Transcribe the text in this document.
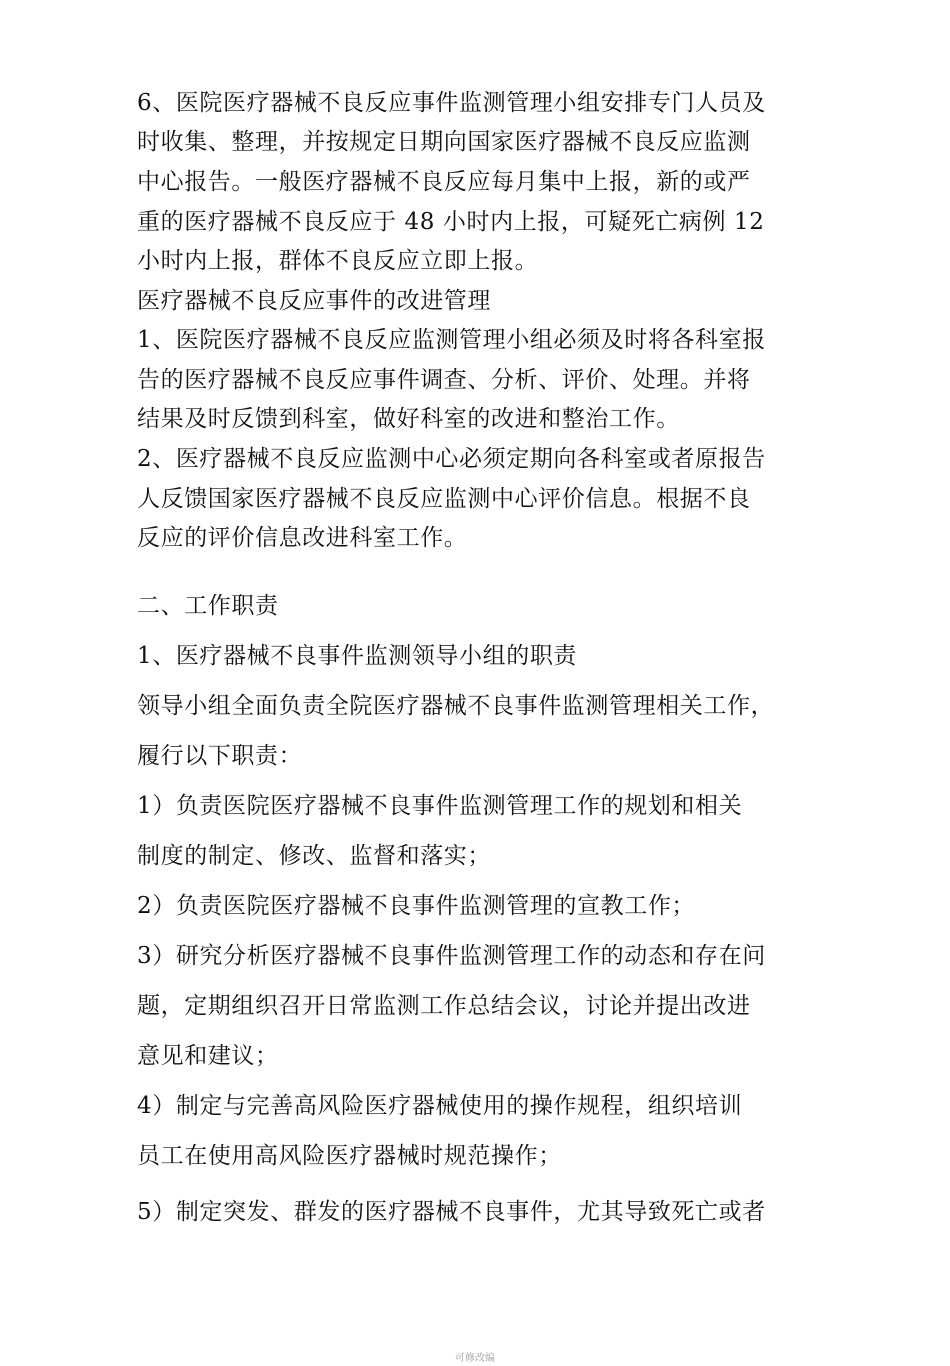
6、医院医疗器械不良反应事件监测管理小组安排专门人员及
时收集、整理，并按规定日期向国家医疗器械不良反应监测
中心报告。一般医疗器械不良反应每月集中上报，新的或严
重的医疗器械不良反应于 48 小时内上报，可疑死亡病例 12
小时内上报，群体不良反应立即上报。
医疗器械不良反应事件的改进管理
1、医院医疗器械不良反应监测管理小组必须及时将各科室报
告的医疗器械不良反应事件调查、分析、评价、处理。并将
结果及时反馈到科室，做好科室的改进和整治工作。
2、医疗器械不良反应监测中心必须定期向各科室或者原报告
人反馈国家医疗器械不良反应监测中心评价信息。根据不良
反应的评价信息改进科室工作。
二、工作职责
1、医疗器械不良事件监测领导小组的职责
领导小组全面负责全院医疗器械不良事件监测管理相关工作，
履行以下职责：
1）负责医院医疗器械不良事件监测管理工作的规划和相关
制度的制定、修改、监督和落实；
2）负责医院医疗器械不良事件监测管理的宣教工作；
3）研究分析医疗器械不良事件监测管理工作的动态和存在问
题，定期组织召开日常监测工作总结会议，讨论并提出改进
意见和建议；
4）制定与完善高风险医疗器械使用的操作规程，组织培训
员工在使用高风险医疗器械时规范操作；
5）制定突发、群发的医疗器械不良事件，尤其导致死亡或者
可修改编
